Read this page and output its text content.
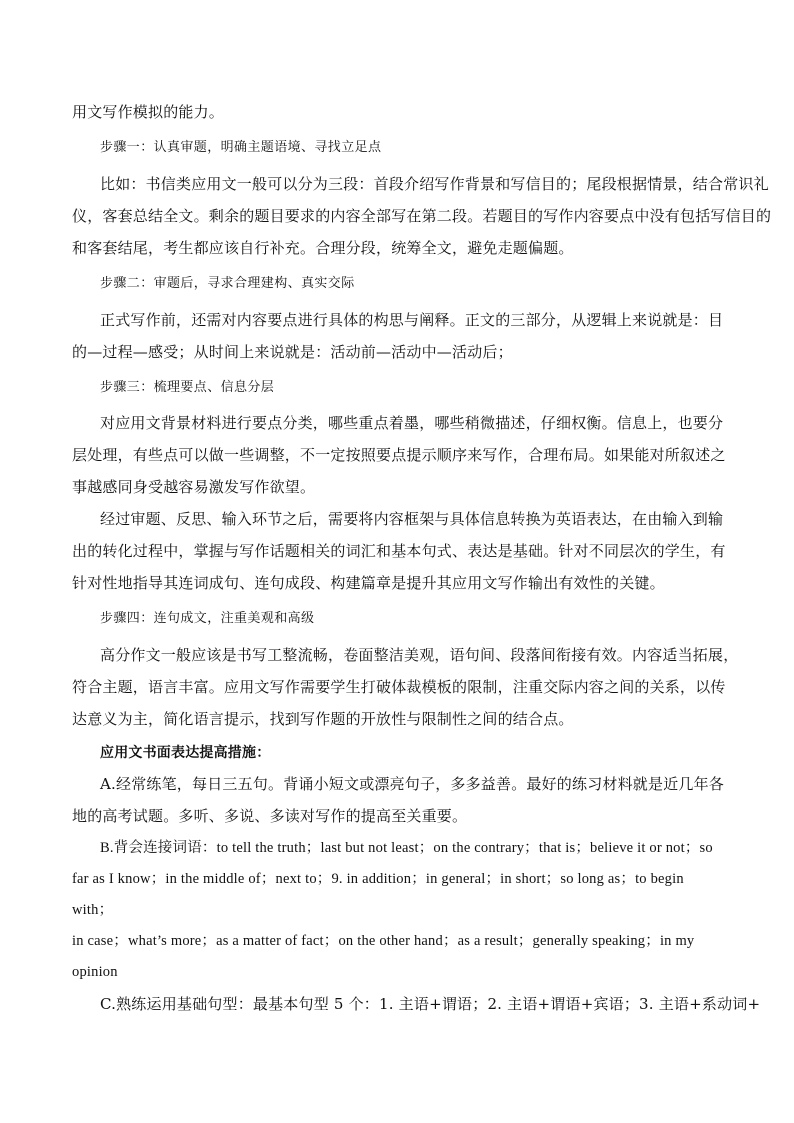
用文写作模拟的能力。
步骤一：认真审题，明确主题语境、寻找立足点
比如：书信类应用文一般可以分为三段：首段介绍写作背景和写信目的；尾段根据情景，结合常识礼
仪，客套总结全文。剩余的题目要求的内容全部写在第二段。若题目的写作内容要点中没有包括写信目的
和客套结尾，考生都应该自行补充。合理分段，统筹全文，避免走题偏题。
步骤二：审题后，寻求合理建构、真实交际
正式写作前，还需对内容要点进行具体的构思与阐释。正文的三部分，从逻辑上来说就是：目
的—过程—感受；从时间上来说就是：活动前—活动中—活动后；
步骤三：梳理要点、信息分层
对应用文背景材料进行要点分类，哪些重点着墨，哪些稍微描述，仔细权衡。信息上，也要分
层处理，有些点可以做一些调整，不一定按照要点提示顺序来写作，合理布局。如果能对所叙述之
事越感同身受越容易激发写作欲望。
经过审题、反思、输入环节之后，需要将内容框架与具体信息转换为英语表达，在由输入到输
出的转化过程中，掌握与写作话题相关的词汇和基本句式、表达是基础。针对不同层次的学生，有
针对性地指导其连词成句、连句成段、构建篇章是提升其应用文写作输出有效性的关键。
步骤四：连句成文，注重美观和高级
高分作文一般应该是书写工整流畅，卷面整洁美观，语句间、段落间衔接有效。内容适当拓展，
符合主题，语言丰富。应用文写作需要学生打破体裁模板的限制，注重交际内容之间的关系，以传
达意义为主，简化语言提示，找到写作题的开放性与限制性之间的结合点。
应用文书面表达提高措施：
A.经常练笔，每日三五句。背诵小短文或漂亮句子，多多益善。最好的练习材料就是近几年各
地的高考试题。多听、多说、多读对写作的提高至关重要。
B.背会连接词语：to tell the truth；last but not least；on the contrary；that is；believe it or not；so
far as I know；in the middle of；next to；9. in addition；in general；in short；so long as；to begin
with；
in case；what’s more；as a matter of fact；on the other hand；as a result；generally speaking；in my
opinion
C.熟练运用基础句型：最基本句型 5 个：1. 主语+谓语；2. 主语+谓语+宾语；3. 主语+系动词+
